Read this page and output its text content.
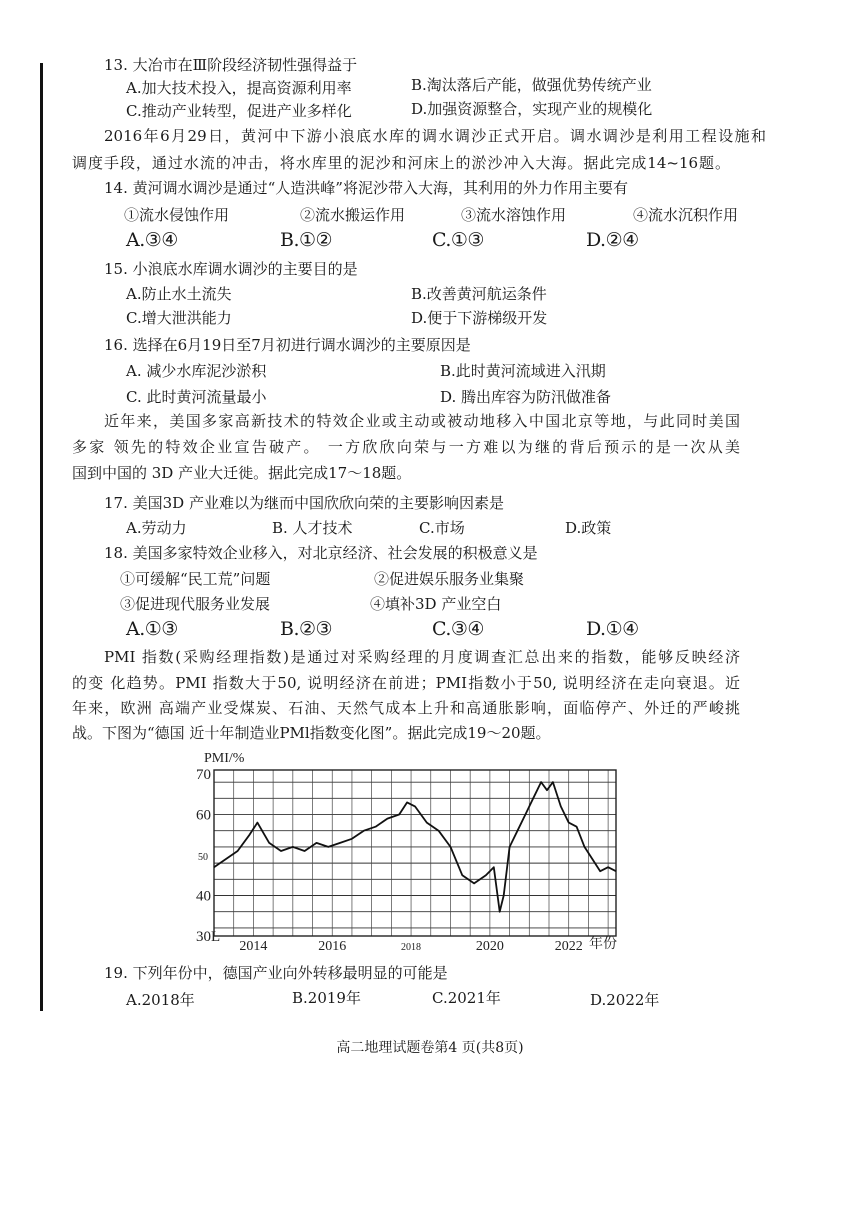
13. 大冶市在Ⅲ阶段经济韧性强得益于
A.加大技术投入，提高资源利用率	B.淘汰落后产能，做强优势传统产业
C.推动产业转型，促进产业多样化	D.加强资源整合，实现产业的规模化
2016年6月29日，黄河中下游小浪底水库的调水调沙正式开启。调水调沙是利用工程设施和
调度手段，通过水流的冲击，将水库里的泥沙和河床上的淤沙冲入大海。据此完成14~16题。
14. 黄河调水调沙是通过“人造洪峰”将泥沙带入大海，其利用的外力作用主要有
①流水侵蚀作用	②流水搬运作用	③流水溶蚀作用	④流水沉积作用
A.③④	B.①②	C.①③	D.②④
15. 小浪底水库调水调沙的主要目的是
A.防止水土流失	B.改善黄河航运条件
C.增大泄洪能力	D.便于下游梯级开发
16. 选择在6月19日至7月初进行调水调沙的主要原因是
A. 减少水库泥沙淤积	B.此时黄河流域进入汛期
C. 此时黄河流量最小	D. 腾出库容为防汛做准备
近年来，美国多家高新技术的特效企业或主动或被动地移入中国北京等地，与此同时美国
多家 领先的特效企业宣告破产。 一方欣欣向荣与一方难以为继的背后预示的是一次从美
国到中国的 3D 产业大迁徙。据此完成17～18题。
17. 美国3D 产业难以为继而中国欣欣向荣的主要影响因素是
A.劳动力	B. 人才技术	C.市场	D.政策
18. 美国多家特效企业移入，对北京经济、社会发展的积极意义是
①可缓解“民工荒”问题	②促进娱乐服务业集聚
③促进现代服务业发展	④填补3D 产业空白
A.①③	B.②③	C.③④	D.①④
PMI 指数(采购经理指数)是通过对采购经理的月度调查汇总出来的指数，能够反映经济
的变 化趋势。PMI 指数大于50, 说明经济在前进；PMI指数小于50, 说明经济在走向衰退。近
年来，欧洲 高端产业受煤炭、石油、天然气成本上升和高通胀影响，面临停产、外迁的严峻挑
战。下图为“德国 近十年制造业PMl指数变化图”。据此完成19～20题。
70
60
50
40
30L
2014	2016	2018	2020	2022
PMI/%
年份
19. 下列年份中，德国产业向外转移最明显的可能是
A.2018年	B.2019年	C.2021年	D.2022年
高二地理试题卷第4 页(共8页)
